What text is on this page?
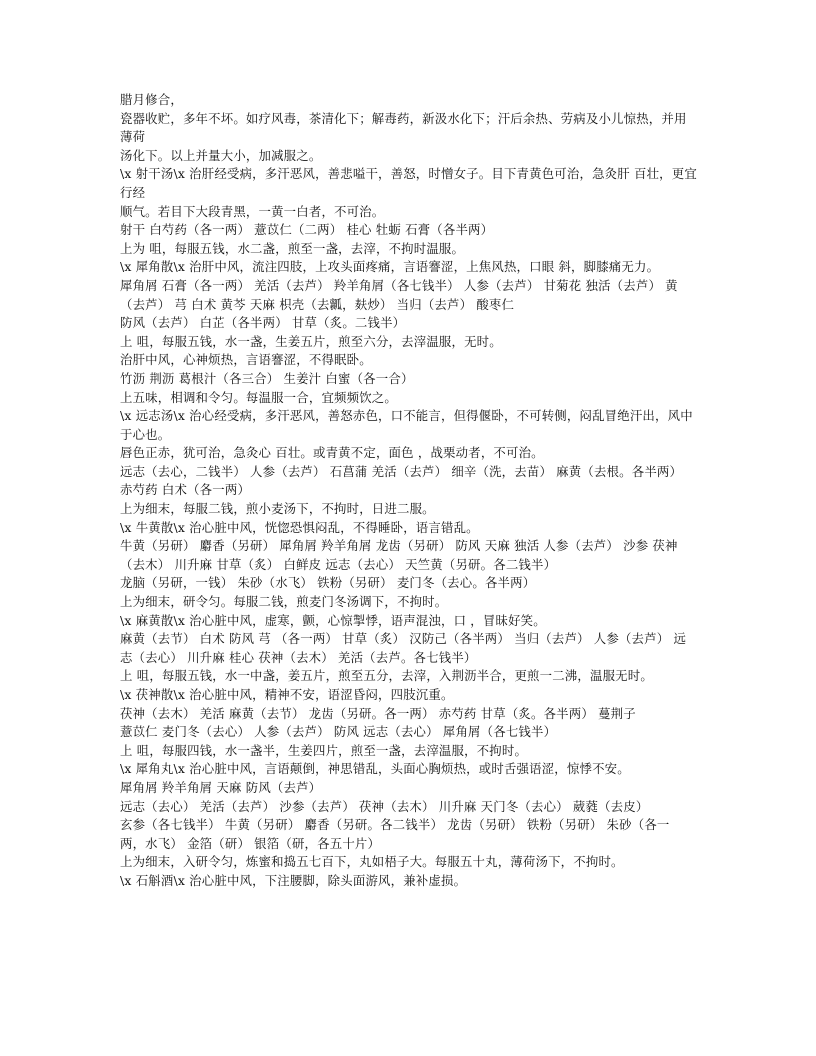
腊月修合，

瓷器收贮，多年不坏。如疗风毒，茶清化下；解毒药，新汲水化下；汗后余热、劳病及小儿惊热，并用薄荷

汤化下。以上并量大小，加减服之。

\x 射干汤\x 治肝经受病，多汗恶风，善悲嗌干，善怒，时憎女子。目下青黄色可治，急灸肝 百壮，更宜行经

顺气。若目下大段青黑，一黄一白者，不可治。

射干 白芍药（各一两） 薏苡仁（二两） 桂心 牡蛎 石膏（各半两）

上为 咀，每服五钱，水二盏，煎至一盏，去滓，不拘时温服。

\x 犀角散\x 治肝中风，流注四肢，上攻头面疼痛，言语謇涩，上焦风热，口眼 斜，脚膝痛无力。

犀角屑 石膏（各一两） 羌活（去芦） 羚羊角屑（各七钱半） 人参（去芦） 甘菊花 独活（去芦） 黄 （去芦） 芎 白术 黄芩 天麻 枳壳（去瓤，麸炒） 当归（去芦） 酸枣仁

防风（去芦） 白芷（各半两） 甘草（炙。二钱半）

上 咀，每服五钱，水一盏，生姜五片，煎至六分，去滓温服，无时。

治肝中风，心神烦热，言语謇涩，不得眠卧。

竹沥 荆沥 葛根汁（各三合） 生姜汁 白蜜（各一合）

上五味，相调和令匀。每温服一合，宜频频饮之。

\x 远志汤\x 治心经受病，多汗恶风，善怒赤色，口不能言，但得偃卧，不可转侧，闷乱冒绝汗出，风中于心也。

唇色正赤，犹可治，急灸心 百壮。或青黄不定，面色 ，战栗动者，不可治。

远志（去心，二钱半） 人参（去芦） 石菖蒲 羌活（去芦） 细辛（洗，去苗） 麻黄（去根。各半两） 赤芍药 白术（各一两）

上为细末，每服二钱，煎小麦汤下，不拘时，日进二服。

\x 牛黄散\x 治心脏中风，恍惚恐惧闷乱，不得睡卧，语言错乱。

牛黄（另研） 麝香（另研） 犀角屑 羚羊角屑 龙齿（另研） 防风 天麻 独活 人参（去芦） 沙参 茯神（去木） 川升麻 甘草（炙） 白鲜皮 远志（去心） 天竺黄（另研。各二钱半）

龙脑（另研，一钱） 朱砂（水飞） 铁粉（另研） 麦门冬（去心。各半两）

上为细末，研令匀。每服二钱，煎麦门冬汤调下，不拘时。

\x 麻黄散\x 治心脏中风，虚寒，颤，心惊掣悸，语声混浊，口 ，冒昧好笑。

麻黄（去节） 白术 防风 芎 （各一两） 甘草（炙） 汉防己（各半两） 当归（去芦） 人参（去芦） 远志（去心） 川升麻 桂心 茯神（去木） 羌活（去芦。各七钱半）

上 咀，每服五钱，水一中盏，姜五片，煎至五分，去滓，入荆沥半合，更煎一二沸，温服无时。

\x 茯神散\x 治心脏中风，精神不安，语涩昏闷，四肢沉重。

茯神（去木） 羌活 麻黄（去节） 龙齿（另研。各一两） 赤芍药 甘草（炙。各半两） 蔓荆子

薏苡仁 麦门冬（去心） 人参（去芦） 防风 远志（去心） 犀角屑（各七钱半）

上 咀，每服四钱，水一盏半，生姜四片，煎至一盏，去滓温服，不拘时。

\x 犀角丸\x 治心脏中风，言语颠倒，神思错乱，头面心胸烦热，或时舌强语涩，惊悸不安。

犀角屑 羚羊角屑 天麻 防风（去芦）

远志（去心） 羌活（去芦） 沙参（去芦） 茯神（去木） 川升麻 天门冬（去心） 葳蕤（去皮）

玄参（各七钱半） 牛黄（另研） 麝香（另研。各二钱半） 龙齿（另研） 铁粉（另研） 朱砂（各一

两，水飞） 金箔（研） 银箔（研，各五十片）

上为细末，入研令匀，炼蜜和捣五七百下，丸如梧子大。每服五十丸，薄荷汤下，不拘时。

\x 石斛酒\x 治心脏中风，下注腰脚，除头面游风，兼补虚损。
